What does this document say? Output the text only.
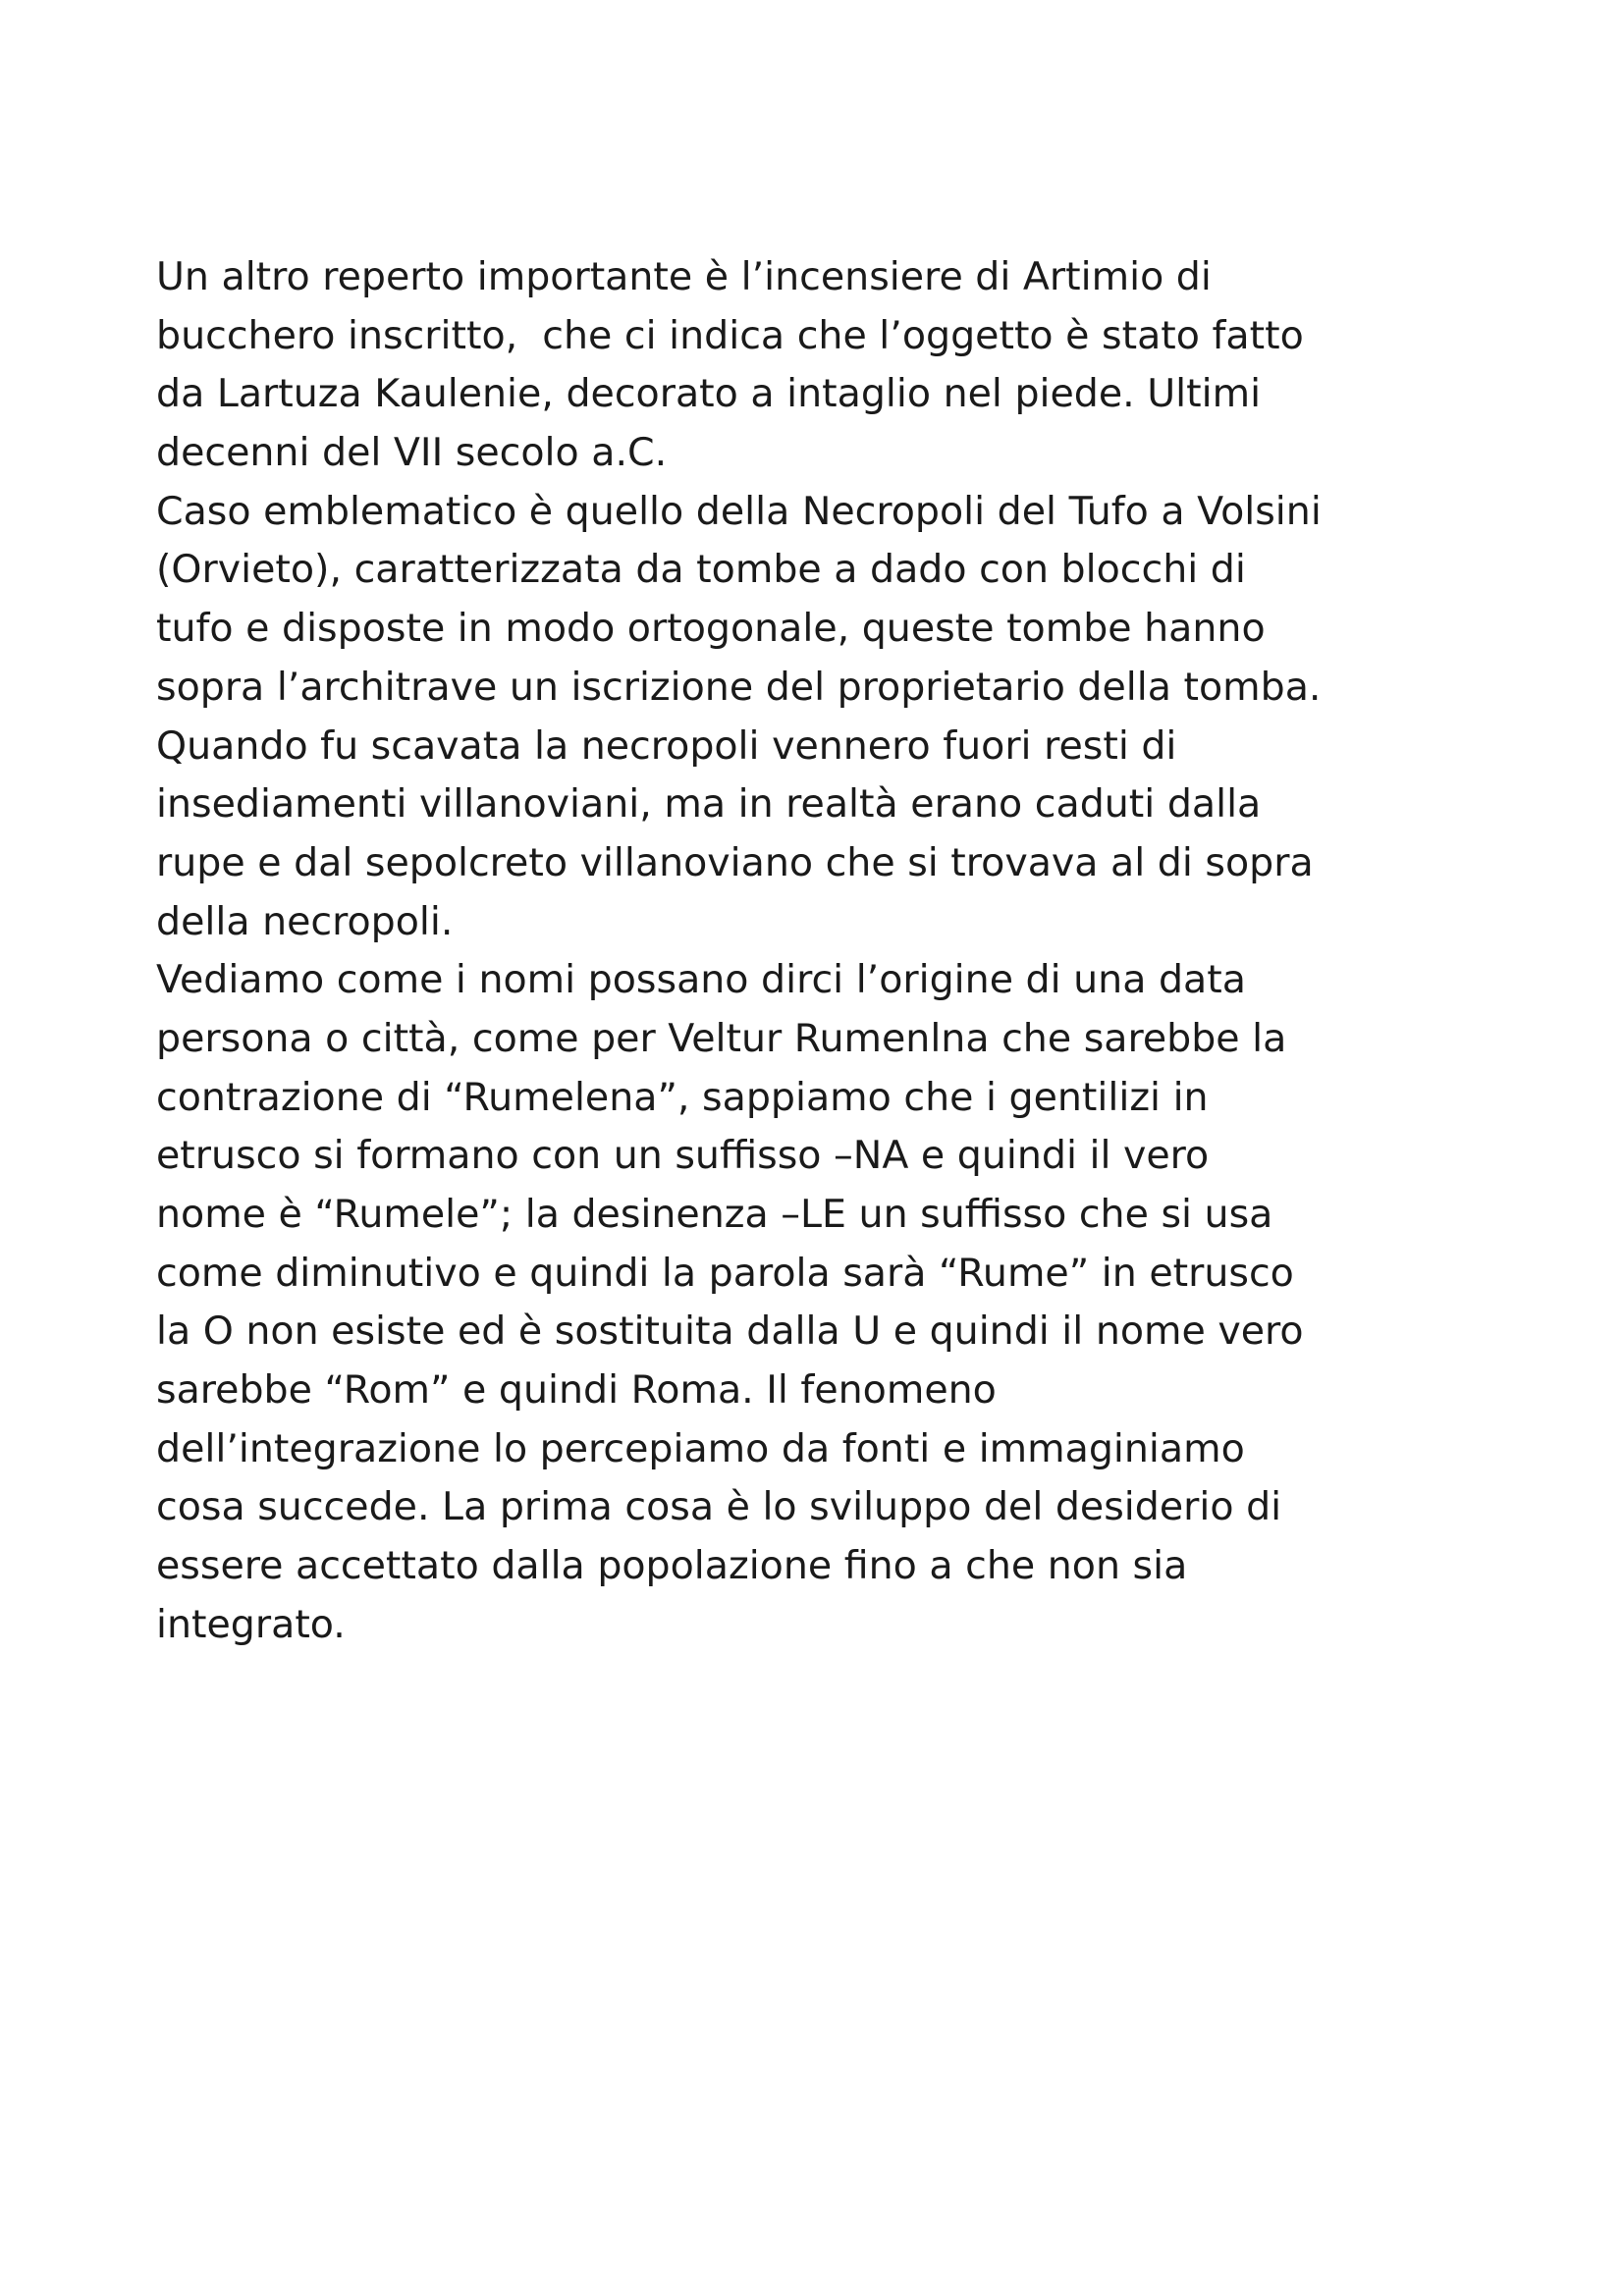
Un altro reperto importante è l’incensiere di Artimio di
bucchero inscritto,  che ci indica che l’oggetto è stato fatto
da Lartuza Kaulenie, decorato a intaglio nel piede. Ultimi
decenni del VII secolo a.C.
Caso emblematico è quello della Necropoli del Tufo a Volsini
(Orvieto), caratterizzata da tombe a dado con blocchi di
tufo e disposte in modo ortogonale, queste tombe hanno
sopra l’architrave un iscrizione del proprietario della tomba.
Quando fu scavata la necropoli vennero fuori resti di
insediamenti villanoviani, ma in realtà erano caduti dalla
rupe e dal sepolcreto villanoviano che si trovava al di sopra
della necropoli.
Vediamo come i nomi possano dirci l’origine di una data
persona o città, come per Veltur Rumenlna che sarebbe la
contrazione di “Rumelena”, sappiamo che i gentilizi in
etrusco si formano con un suffisso –NA e quindi il vero
nome è “Rumele”; la desinenza –LE un suffisso che si usa
come diminutivo e quindi la parola sarà “Rume” in etrusco
la O non esiste ed è sostituita dalla U e quindi il nome vero
sarebbe “Rom” e quindi Roma. Il fenomeno
dell’integrazione lo percepiamo da fonti e immaginiamo
cosa succede. La prima cosa è lo sviluppo del desiderio di
essere accettato dalla popolazione fino a che non sia
integrato.
